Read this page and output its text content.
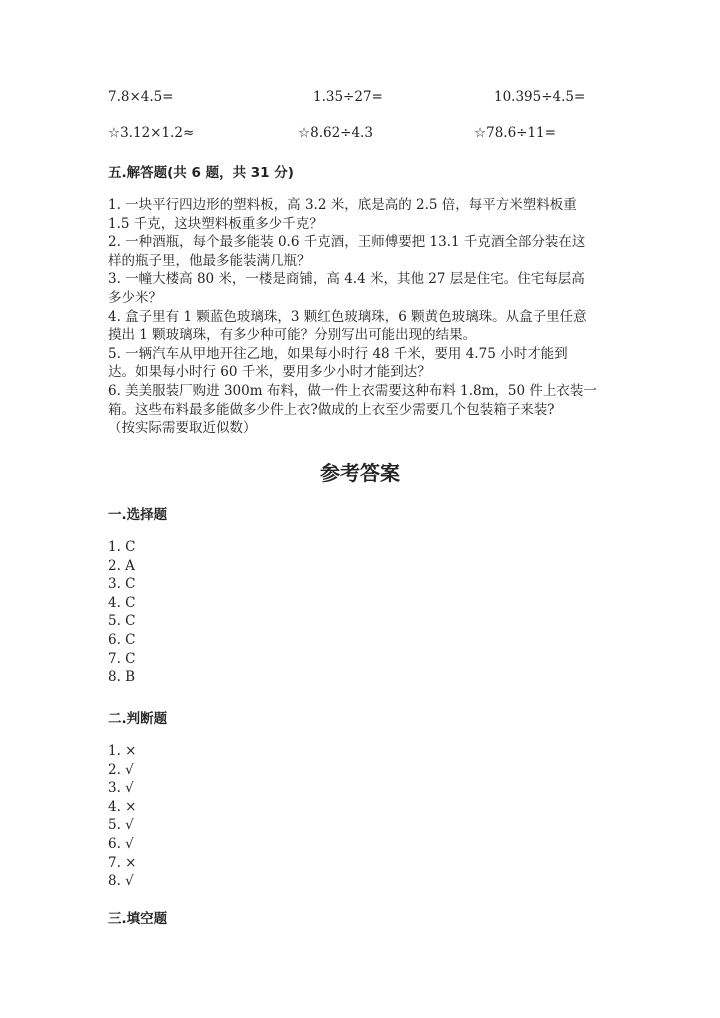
7.8×4.5=	1.35÷27=	10.395÷4.5=
☆3.12×1.2≈	☆8.62÷4.3	☆78.6÷11=
五.解答题(共 6 题，共 31 分)
1. 一块平行四边形的塑料板，高 3.2 米，底是高的 2.5 倍，每平方米塑料板重
1.5 千克，这块塑料板重多少千克？
2. 一种酒瓶，每个最多能装 0.6 千克酒，王师傅要把 13.1 千克酒全部分装在这
样的瓶子里，他最多能装满几瓶？
3. 一幢大楼高 80 米，一楼是商铺，高 4.4 米，其他 27 层是住宅。住宅每层高
多少米？
4. 盒子里有 1 颗蓝色玻璃珠，3 颗红色玻璃珠，6 颗黄色玻璃珠。从盒子里任意
摸出 1 颗玻璃珠，有多少种可能？分别写出可能出现的结果。
5. 一辆汽车从甲地开往乙地，如果每小时行 48 千米，要用 4.75 小时才能到
达。如果每小时行 60 千米，要用多少小时才能到达？
6. 美美服装厂购进 300m 布料，做一件上衣需要这种布料 1.8m，50 件上衣装一
箱。这些布料最多能做多少件上衣?做成的上衣至少需要几个包装箱子来装?
（按实际需要取近似数）
参考答案
一.选择题
1. C
2. A
3. C
4. C
5. C
6. C
7. C
8. B
二.判断题
1. ×
2. √
3. √
4. ×
5. √
6. √
7. ×
8. √
三.填空题
